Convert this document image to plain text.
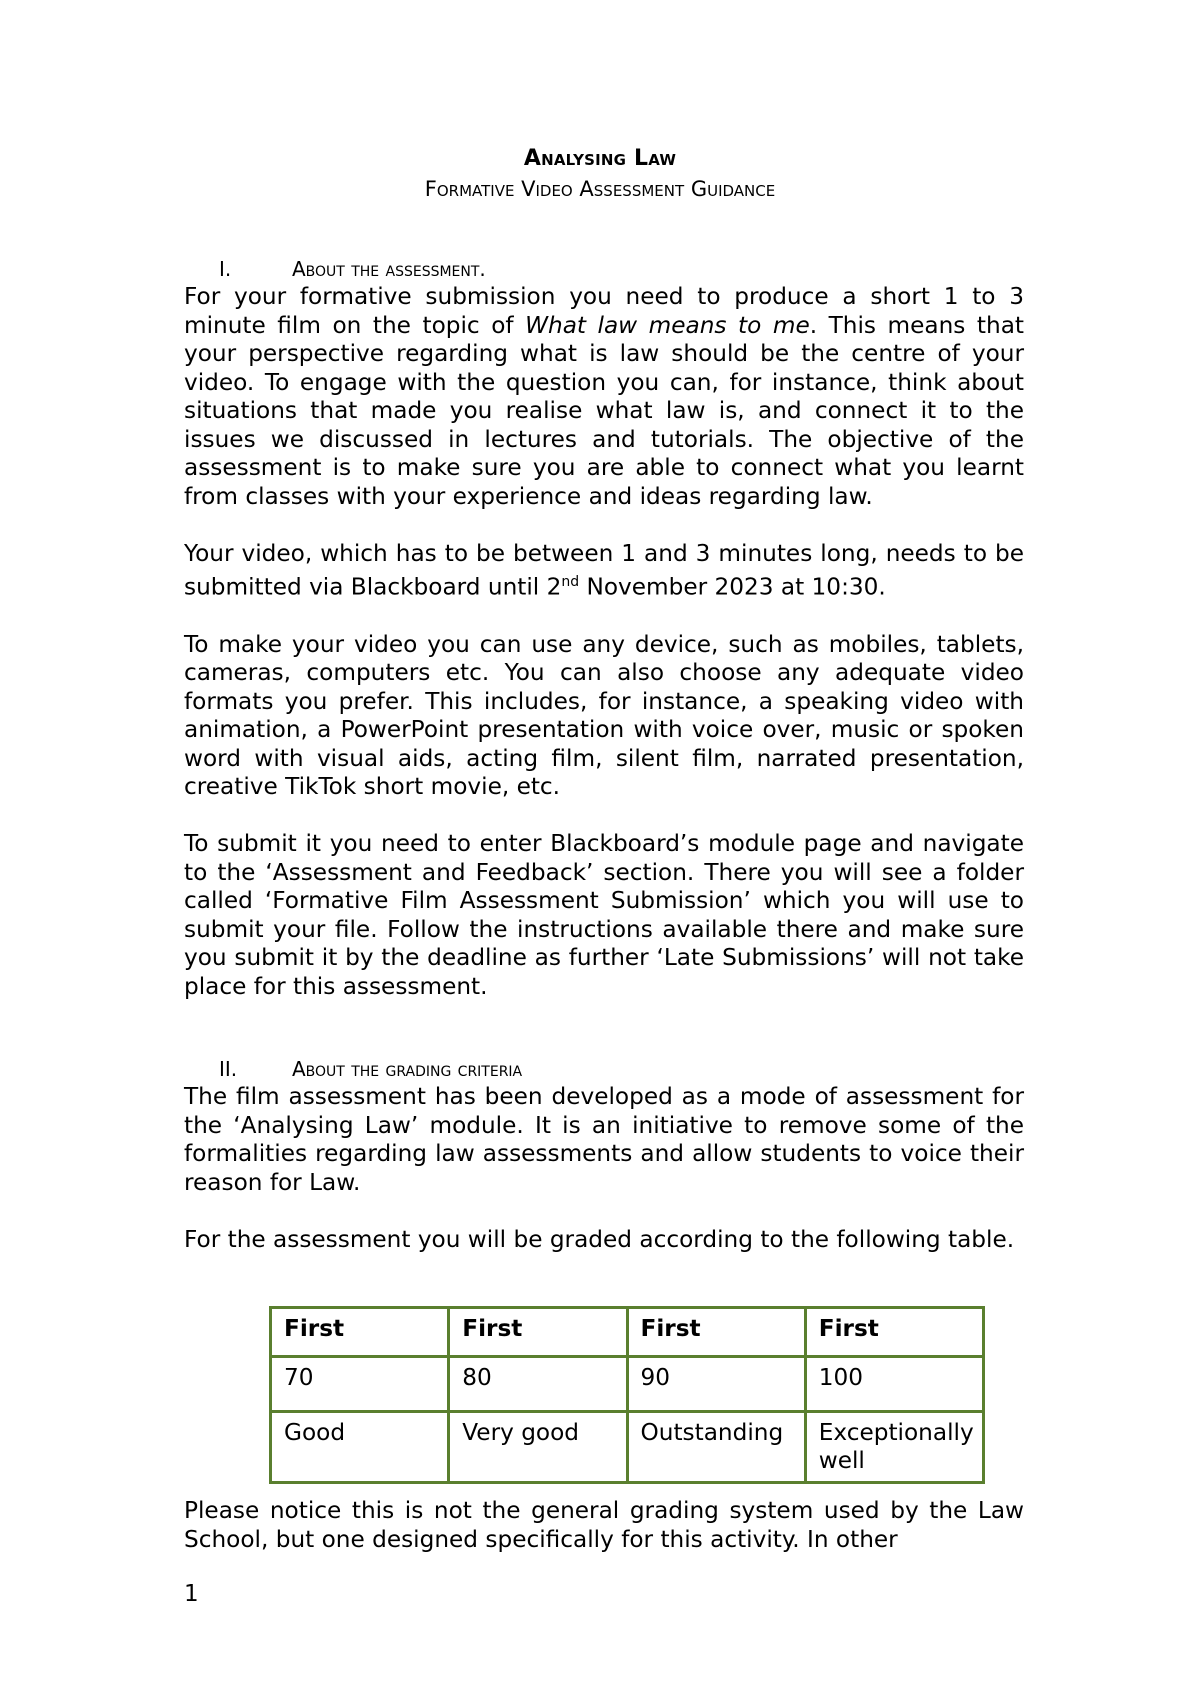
Analysing Law
Formative Video Assessment Guidance
I.	About the assessment.

For your formative submission you need to produce a short 1 to 3 minute film on the topic of What law means to me. This means that your perspective regarding what is law should be the centre of your video. To engage with the question you can, for instance, think about situations that made you realise what law is, and connect it to the issues we discussed in lectures and tutorials. The objective of the assessment is to make sure you are able to connect what you learnt from classes with your experience and ideas regarding law.

Your video, which has to be between 1 and 3 minutes long, needs to be submitted via Blackboard until 2nd November 2023 at 10:30.

To make your video you can use any device, such as mobiles, tablets, cameras, computers etc. You can also choose any adequate video formats you prefer. This includes, for instance, a speaking video with animation, a PowerPoint presentation with voice over, music or spoken word with visual aids, acting film, silent film, narrated presentation, creative TikTok short movie, etc.

To submit it you need to enter Blackboard’s module page and navigate to the ‘Assessment and Feedback’ section. There you will see a folder called ‘Formative Film Assessment Submission’ which you will use to submit your file. Follow the instructions available there and make sure you submit it by the deadline as further ‘Late Submissions’ will not take place for this assessment.

II.	About the grading criteria

The film assessment has been developed as a mode of assessment for the ‘Analysing Law’ module. It is an initiative to remove some of the formalities regarding law assessments and allow students to voice their reason for Law.

For the assessment you will be graded according to the following table.

First	First	First	First
70	80	90	100
Good	Very good	Outstanding	Exceptionally well

Please notice this is not the general grading system used by the Law School, but one designed specifically for this activity. In other

1
